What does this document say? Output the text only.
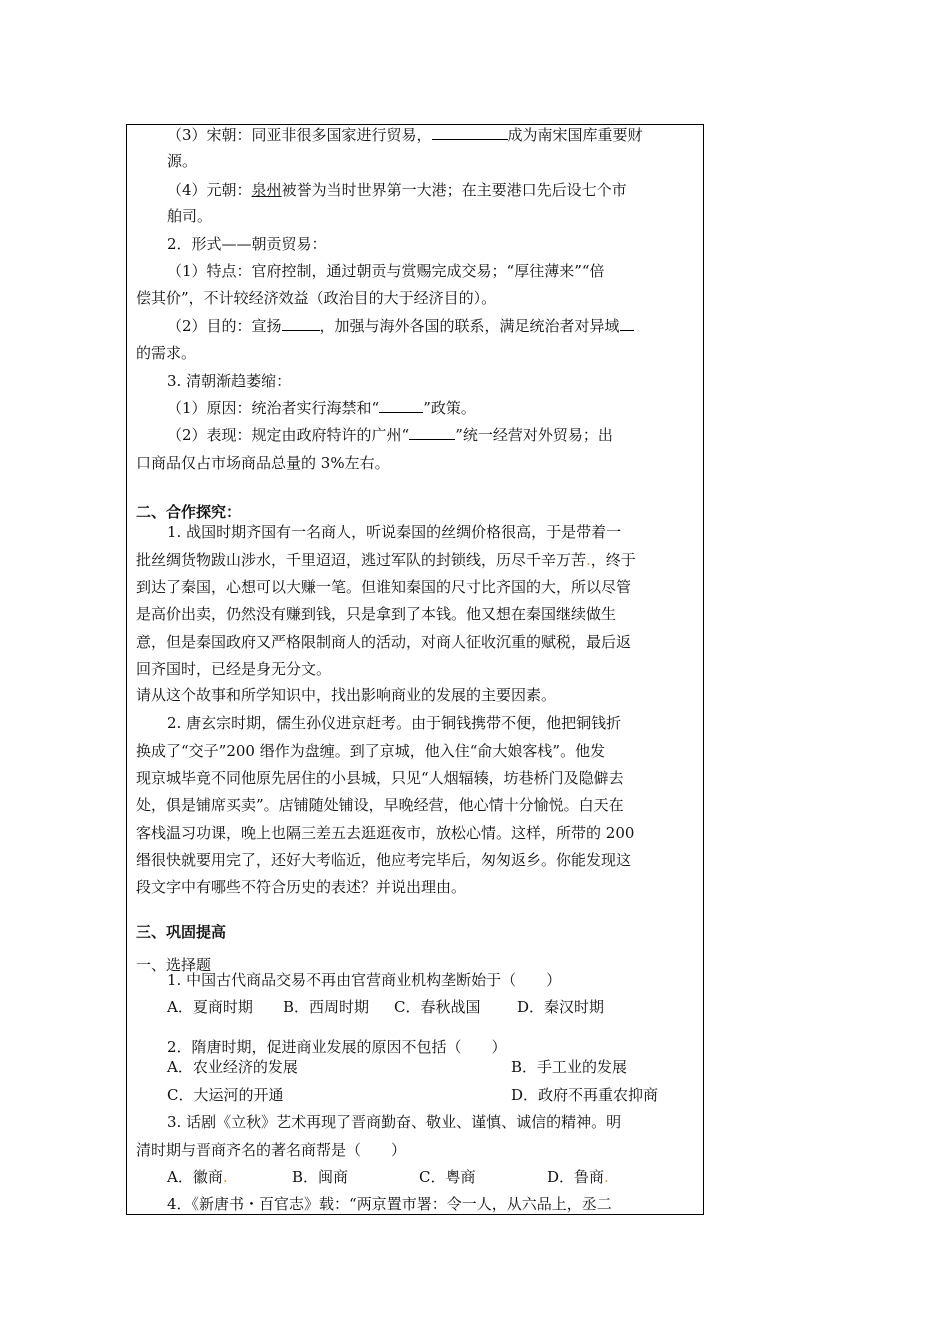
（3）宋朝：同亚非很多国家进行贸易，	成为南宋国库重要财
源。
（4）元朝：泉州被誉为当时世界第一大港；在主要港口先后设七个市
舶司。
2．形式——朝贡贸易：
（1）特点：官府控制，通过朝贡与赏赐完成交易；“厚往薄来”“倍
偿其价”，不计较经济效益（政治目的大于经济目的）。
（2）目的：宣扬	，加强与海外各国的联系，满足统治者对异域
的需求。
3. 清朝渐趋萎缩：
（1）原因：统治者实行海禁和“	”政策。
（2）表现：规定由政府特许的广州“	”统一经营对外贸易；出
口商品仅占市场商品总量的 3%左右。
二、合作探究：
1. 战国时期齐国有一名商人，听说秦国的丝绸价格很高，于是带着一
批丝绸货物跋山涉水，千里迢迢，逃过军队的封锁线，历尽千辛万苦.，终于
到达了秦国，心想可以大赚一笔。但谁知秦国的尺寸比齐国的大，所以尽管
是高价出卖，仍然没有赚到钱，只是拿到了本钱。他又想在秦国继续做生
意，但是秦国政府又严格限制商人的活动，对商人征收沉重的赋税，最后返
回齐国时，已经是身无分文。
请从这个故事和所学知识中，找出影响商业的发展的主要因素。
2. 唐玄宗时期，儒生孙仪进京赶考。由于铜钱携带不便，他把铜钱折
换成了“交子”200 缗作为盘缠。到了京城，他入住“俞大娘客栈”。他发
现京城毕竟不同他原先居住的小县城，只见“人烟辐辏，坊巷桥门及隐僻去
处，俱是铺席买卖”。店铺随处铺设，早晚经营，他心情十分愉悦。白天在
客栈温习功课，晚上也隔三差五去逛逛夜市，放松心情。这样，所带的 200
缗很快就要用完了，还好大考临近，他应考完毕后，匆匆返乡。你能发现这
段文字中有哪些不符合历史的表述？并说出理由。
三、巩固提高
一、选择题
1. 中国古代商品交易不再由官营商业机构垄断始于（　　）
A．夏商时期 B．西周时期 C．春秋战国 D．秦汉时期
2．隋唐时期，促进商业发展的原因不包括（　　）
A．农业经济的发展	B．手工业的发展
C．大运河的开通	D．政府不再重农抑商
3. 话剧《立秋》艺术再现了晋商勤奋、敬业、谨慎、诚信的精神。明
清时期与晋商齐名的著名商帮是（　　）
A．徽商.	B．闽商	C．粤商	D．鲁商.
4．《新唐书・百官志》载：“两京置市署：令一人，从六品上，丞二
